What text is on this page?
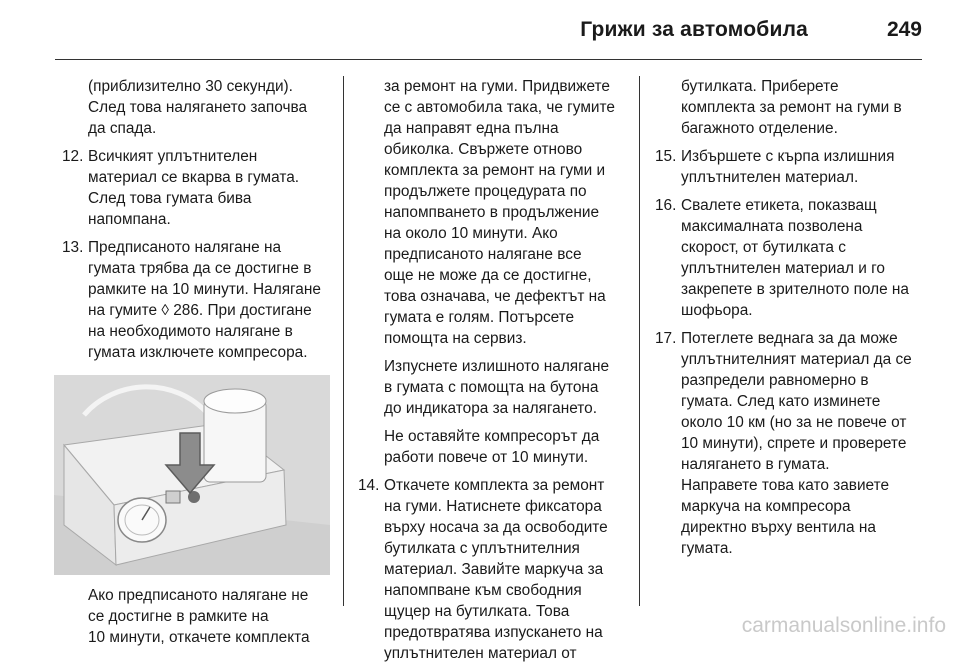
Грижи за автомобила	249

(приблизително 30 секунди).
След това налягането започва
да спада.

12. Всичкият уплътнителен
материал се вкарва в гумата.
След това гумата бива
напомпана.

13. Предписаното налягане на
гумата трябва да се достигне в
рамките на 10 минути. Налягане
на гумите ◊ 286. При достигане
на необходимото налягане в
гумата изключете компресора.

Ако предписаното налягане не
се достигне в рамките на
10 минути, откачете комплекта

за ремонт на гуми. Придвижете
се с автомобила така, че гумите
да направят една пълна
обиколка. Свържете отново
комплекта за ремонт на гуми и
продължете процедурата по
напомпването в продължение
на около 10 минути. Ако
предписаното налягане все
още не може да се достигне,
това означава, че дефектът на
гумата е голям. Потърсете
помощта на сервиз.

Изпуснете излишното налягане
в гумата с помощта на бутона
до индикатора за налягането.

Не оставяйте компресорът да
работи повече от 10 минути.

14. Откачете комплекта за ремонт
на гуми. Натиснете фиксатора
върху носача за да освободите
бутилката с уплътнителния
материал. Завийте маркуча за
напомпване към свободния
щуцер на бутилката. Това
предотвратява изпускането на
уплътнителен материал от

бутилката. Приберете
комплекта за ремонт на гуми в
багажното отделение.

15. Избършете с кърпа излишния
уплътнителен материал.

16. Свалете етикета, показващ
максималната позволена
скорост, от бутилката с
уплътнителен материал и го
закрепете в зрителното поле на
шофьора.

17. Потеглете веднага за да може
уплътнителният материал да се
разпредели равномерно в
гумата. След като изминете
около 10 км (но за не повече от
10 минути), спрете и проверете
налягането в гумата.
Направете това като завиете
маркуча на компресора
директно върху вентила на
гумата.

carmanualsonline.info
